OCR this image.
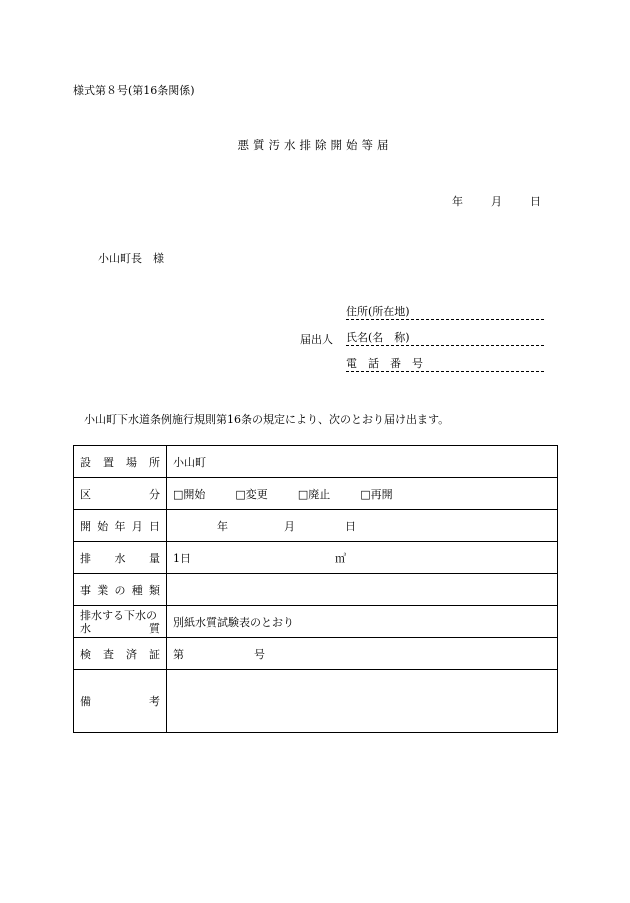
様式第８号(第16条関係)
悪質汚水排除開始等届
年	月	日
小山町長　様
届出人
住所(所在地)
氏名(名　称)
電　話　番　号
小山町下水道条例施行規則第16条の規定により、次のとおり届け出ます。
設 置 場 所	小山町

区 分	□開始 □変更 □廃止 □再開

開 始 年 月 日	年 月 日

排 水 量	1日 ㎥

事 業 の 種 類	

排水する下水の
水 質	別紙水質試験表のとおり

検 査 済 証	第 号

備 考	
